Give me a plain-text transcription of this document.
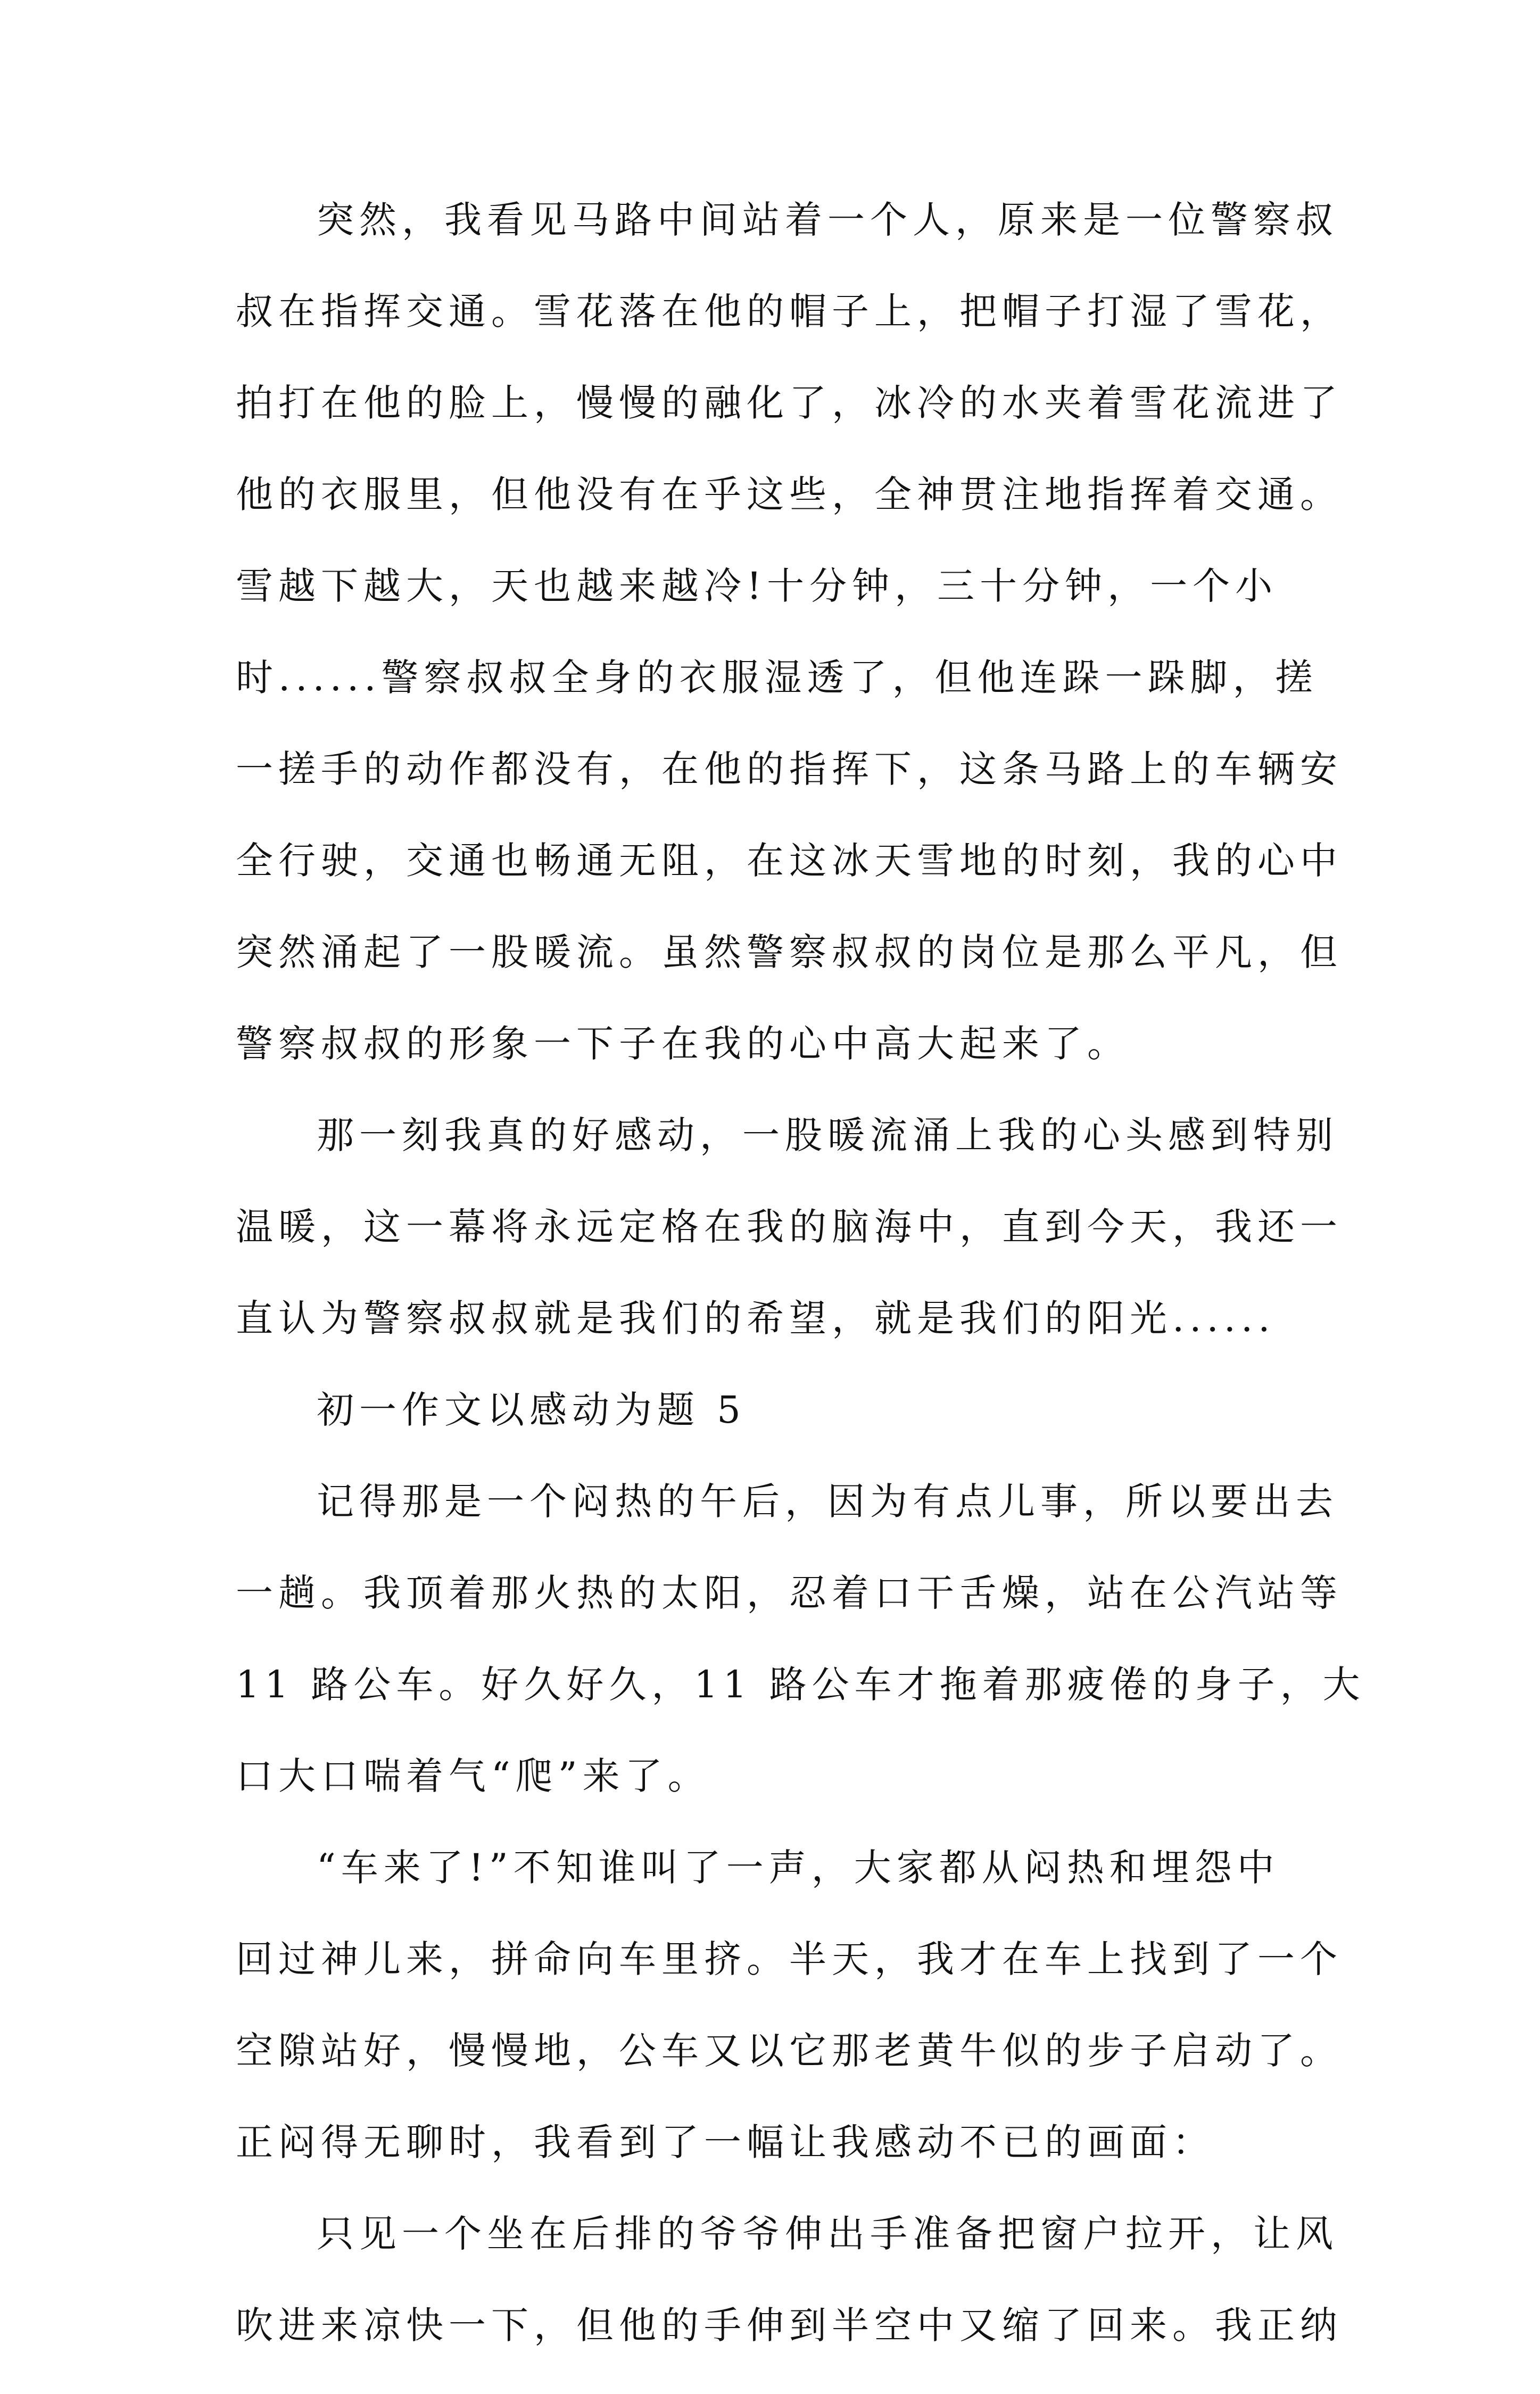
突然，我看见马路中间站着一个人，原来是一位警察叔
叔在指挥交通。雪花落在他的帽子上，把帽子打湿了雪花，
拍打在他的脸上，慢慢的融化了，冰冷的水夹着雪花流进了
他的衣服里，但他没有在乎这些，全神贯注地指挥着交通。
雪越下越大，天也越来越冷!十分钟，三十分钟，一个小
时......警察叔叔全身的衣服湿透了，但他连跺一跺脚，搓
一搓手的动作都没有，在他的指挥下，这条马路上的车辆安
全行驶，交通也畅通无阻，在这冰天雪地的时刻，我的心中
突然涌起了一股暖流。虽然警察叔叔的岗位是那么平凡，但
警察叔叔的形象一下子在我的心中高大起来了。
那一刻我真的好感动，一股暖流涌上我的心头感到特别
温暖，这一幕将永远定格在我的脑海中，直到今天，我还一
直认为警察叔叔就是我们的希望，就是我们的阳光......
初一作文以感动为题 5
记得那是一个闷热的午后，因为有点儿事，所以要出去
一趟。我顶着那火热的太阳，忍着口干舌燥，站在公汽站等
11 路公车。好久好久，11 路公车才拖着那疲倦的身子，大
口大口喘着气“爬”来了。
“车来了!”不知谁叫了一声，大家都从闷热和埋怨中
回过神儿来，拼命向车里挤。半天，我才在车上找到了一个
空隙站好，慢慢地，公车又以它那老黄牛似的步子启动了。
正闷得无聊时，我看到了一幅让我感动不已的画面：
只见一个坐在后排的爷爷伸出手准备把窗户拉开，让风
吹进来凉快一下，但他的手伸到半空中又缩了回来。我正纳
